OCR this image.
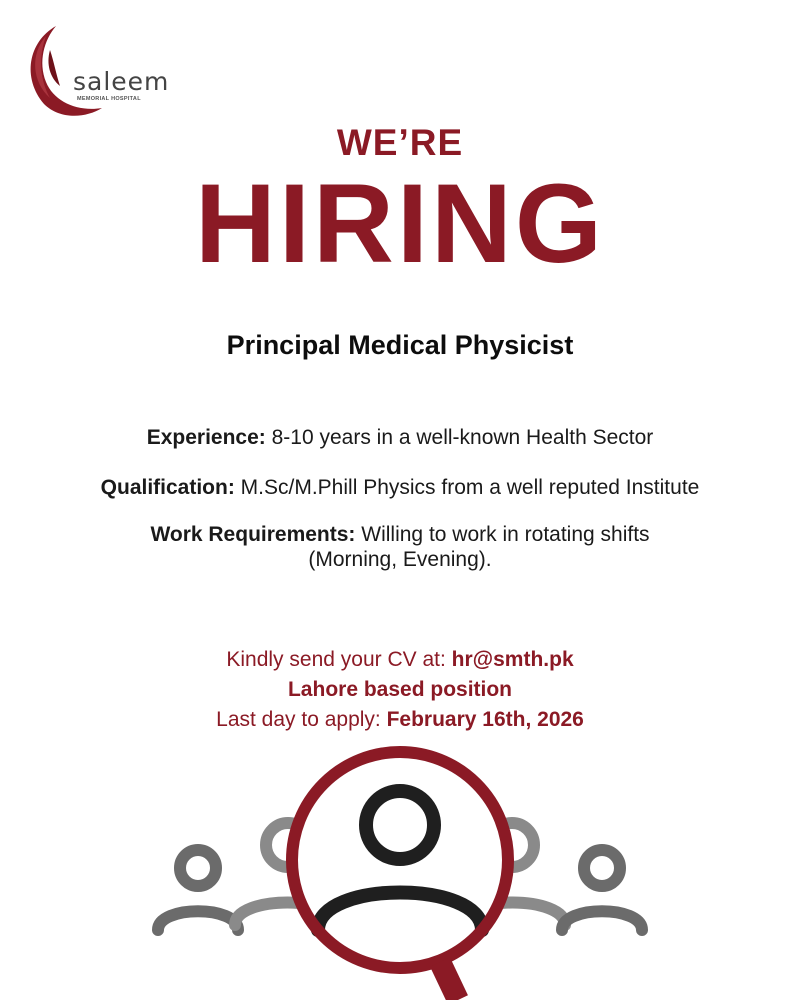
saleem
MEMORIAL HOSPITAL
WE’RE
HIRING
Principal Medical Physicist
Experience: 8-10 years in a well-known Health Sector
Qualification: M.Sc/M.Phill Physics from a well reputed Institute
Work Requirements: Willing to work in rotating shifts
(Morning, Evening).
Kindly send your CV at: hr@smth.pk
Lahore based position
Last day to apply: February 16th, 2026
